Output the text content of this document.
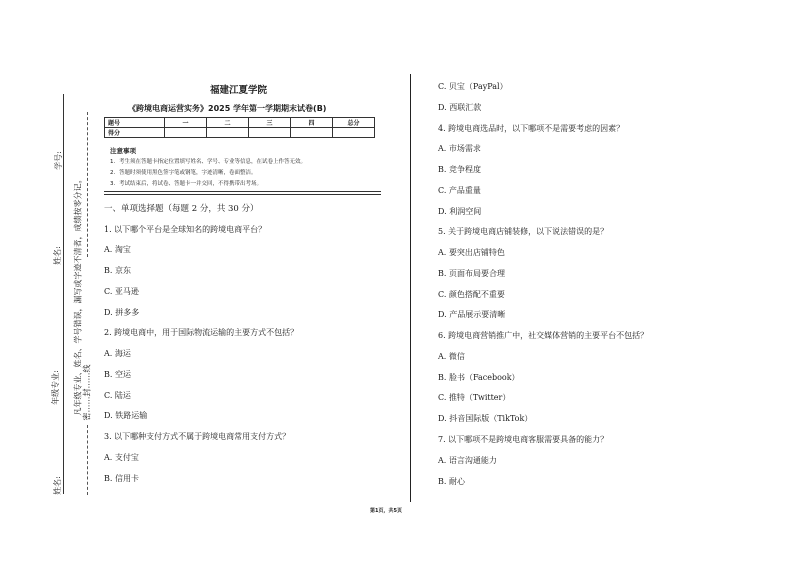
学号:
姓名:
年级专业:
姓名:
凡年级专业、姓名、学号错误，漏写或字迹不清者，成绩按零分记。 密……封……线
福建江夏学院
《跨境电商运营实务》2025 学年第一学期期末试卷(B)
题号	一	二	三	四	总分
得分					
注意事项
1．考生须在答题卡指定位置填写姓名、学号、专业等信息，在试卷上作答无效。
2．答题时须使用黑色签字笔或钢笔，字迹清晰，卷面整洁。
3．考试结束后，将试卷、答题卡一并交回，不得携带出考场。
一、单项选择题（每题 2 分，共 30 分）
1. 以下哪个平台是全球知名的跨境电商平台？
A. 淘宝
B. 京东
C. 亚马逊
D. 拼多多
2. 跨境电商中，用于国际物流运输的主要方式不包括？
A. 海运
B. 空运
C. 陆运
D. 铁路运输
3. 以下哪种支付方式不属于跨境电商常用支付方式？
A. 支付宝
B. 信用卡
C. 贝宝（PayPal）
D. 西联汇款
4. 跨境电商选品时，以下哪项不是需要考虑的因素？
A. 市场需求
B. 竞争程度
C. 产品重量
D. 利润空间
5. 关于跨境电商店铺装修，以下说法错误的是？
A. 要突出店铺特色
B. 页面布局要合理
C. 颜色搭配不重要
D. 产品展示要清晰
6. 跨境电商营销推广中，社交媒体营销的主要平台不包括？
A. 微信
B. 脸书（Facebook）
C. 推特（Twitter）
D. 抖音国际版（TikTok）
7. 以下哪项不是跨境电商客服需要具备的能力？
A. 语言沟通能力
B. 耐心
第1页，共5页
